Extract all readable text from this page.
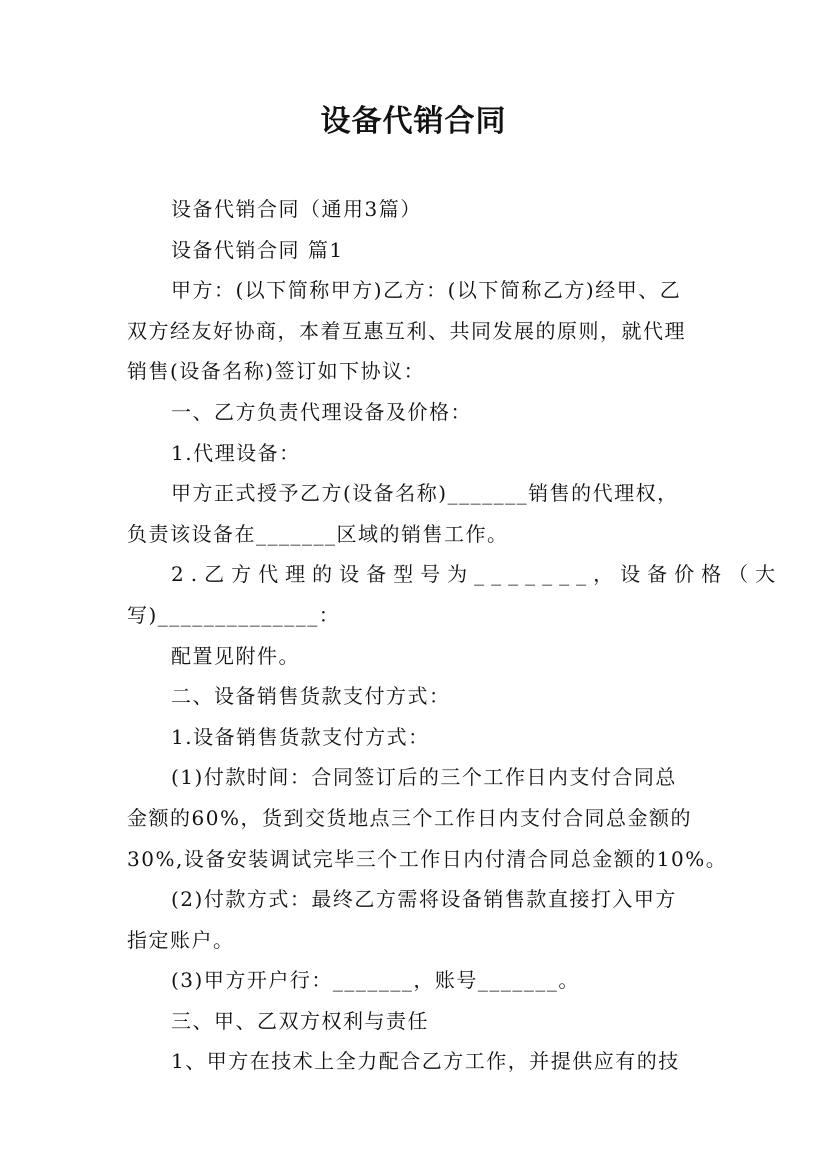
设备代销合同
设备代销合同（通用3篇）
设备代销合同 篇1
甲方：(以下简称甲方)乙方：(以下简称乙方)经甲、乙
双方经友好协商，本着互惠互利、共同发展的原则，就代理
销售(设备名称)签订如下协议：
一、乙方负责代理设备及价格：
1.代理设备：
甲方正式授予乙方(设备名称)_______销售的代理权，
负责该设备在_______区域的销售工作。
2.乙方代理的设备型号为_______，设备价格（大
写)______________：
配置见附件。
二、设备销售货款支付方式：
1.设备销售货款支付方式：
(1)付款时间：合同签订后的三个工作日内支付合同总
金额的60%，货到交货地点三个工作日内支付合同总金额的
30%,设备安装调试完毕三个工作日内付清合同总金额的10%。
(2)付款方式：最终乙方需将设备销售款直接打入甲方
指定账户。
(3)甲方开户行：_______，账号_______。
三、甲、乙双方权利与责任
1、甲方在技术上全力配合乙方工作，并提供应有的技
